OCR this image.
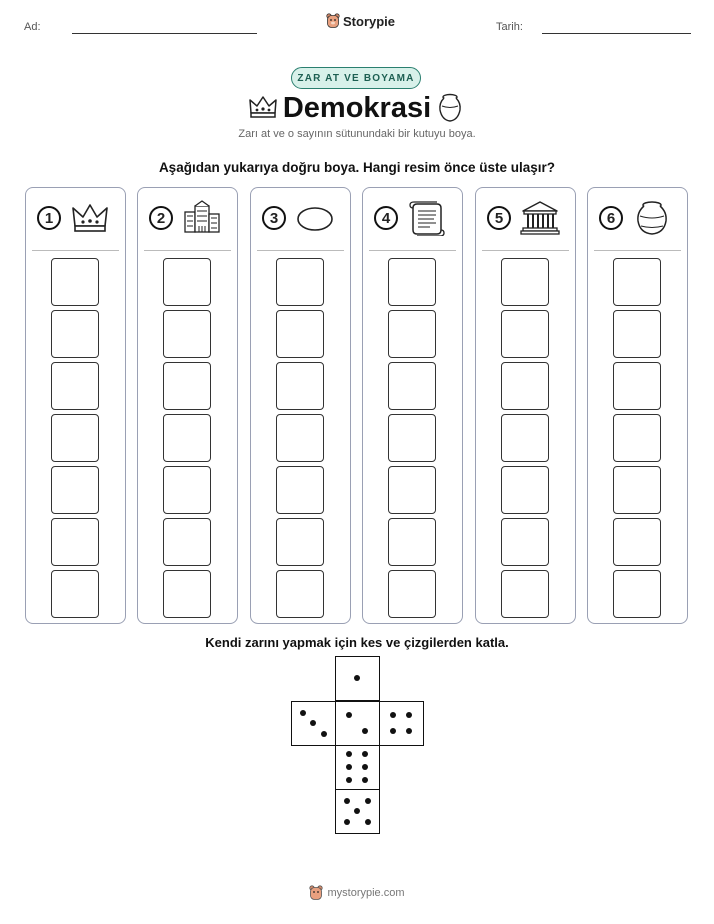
Ad:	Storypie	Tarih:
ZAR AT VE BOYAMA
Demokrasi
Zarı at ve o sayının sütunundaki bir kutuyu boya.
Aşağıdan yukarıya doğru boya. Hangi resim önce üste ulaşır?
1	2	3	4	5	6
Kendi zarını yapmak için kes ve çizgilerden katla.
mystorypie.com
